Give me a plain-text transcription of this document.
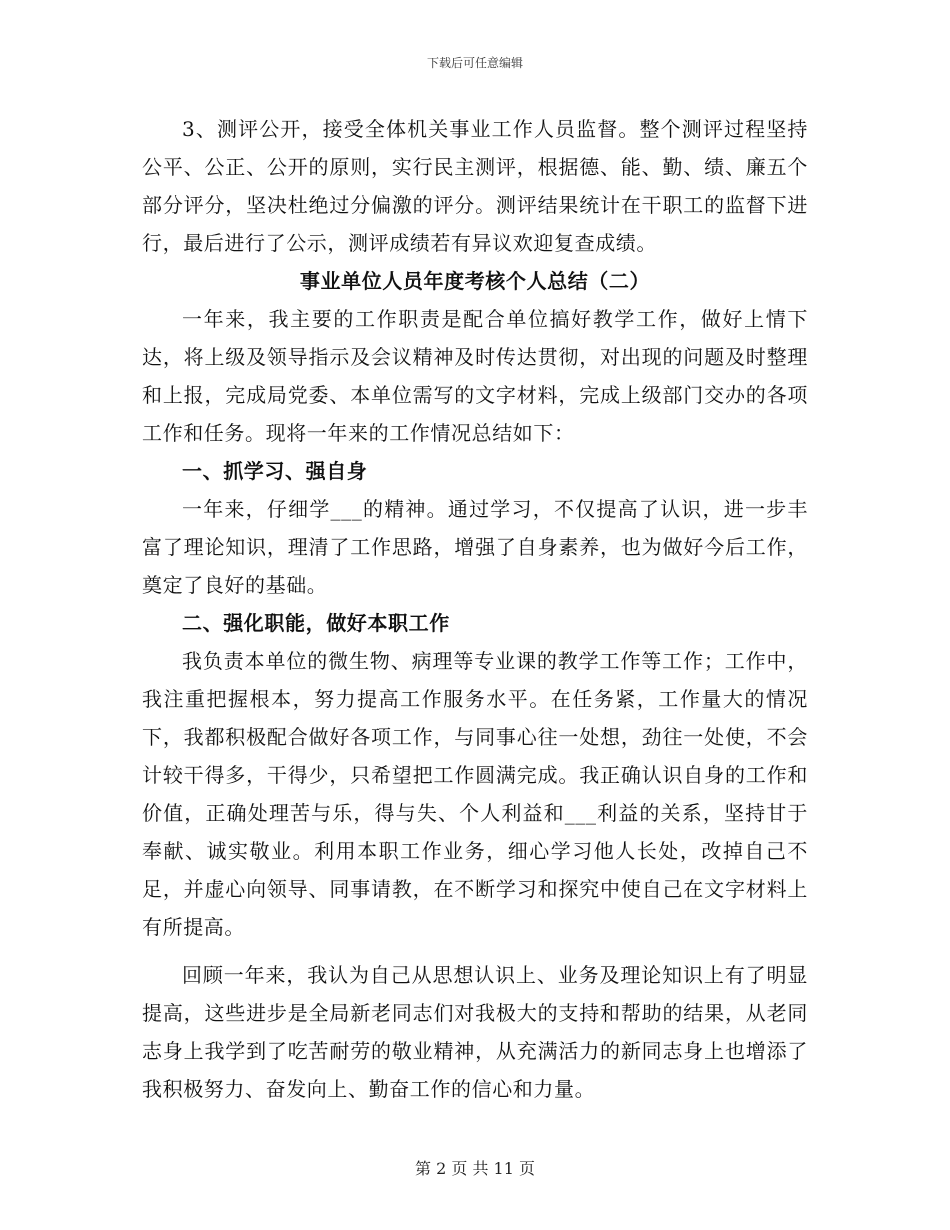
下载后可任意编辑

3、测评公开，接受全体机关事业工作人员监督。整个测评过程坚持公平、公正、公开的原则，实行民主测评，根据德、能、勤、绩、廉五个部分评分，坚决杜绝过分偏激的评分。测评结果统计在干职工的监督下进行，最后进行了公示，测评成绩若有异议欢迎复查成绩。

事业单位人员年度考核个人总结（二）

一年来，我主要的工作职责是配合单位搞好教学工作，做好上情下达，将上级及领导指示及会议精神及时传达贯彻，对出现的问题及时整理和上报，完成局党委、本单位需写的文字材料，完成上级部门交办的各项工作和任务。现将一年来的工作情况总结如下：

一、抓学习、强自身

一年来，仔细学___的精神。通过学习，不仅提高了认识，进一步丰富了理论知识，理清了工作思路，增强了自身素养，也为做好今后工作，奠定了良好的基础。

二、强化职能，做好本职工作

我负责本单位的微生物、病理等专业课的教学工作等工作；工作中，我注重把握根本，努力提高工作服务水平。在任务紧，工作量大的情况下，我都积极配合做好各项工作，与同事心往一处想，劲往一处使，不会计较干得多，干得少，只希望把工作圆满完成。我正确认识自身的工作和价值，正确处理苦与乐，得与失、个人利益和___利益的关系，坚持甘于奉献、诚实敬业。利用本职工作业务，细心学习他人长处，改掉自己不足，并虚心向领导、同事请教，在不断学习和探究中使自己在文字材料上有所提高。

回顾一年来，我认为自己从思想认识上、业务及理论知识上有了明显提高，这些进步是全局新老同志们对我极大的支持和帮助的结果，从老同志身上我学到了吃苦耐劳的敬业精神，从充满活力的新同志身上也增添了我积极努力、奋发向上、勤奋工作的信心和力量。

第 2 页 共 11 页
